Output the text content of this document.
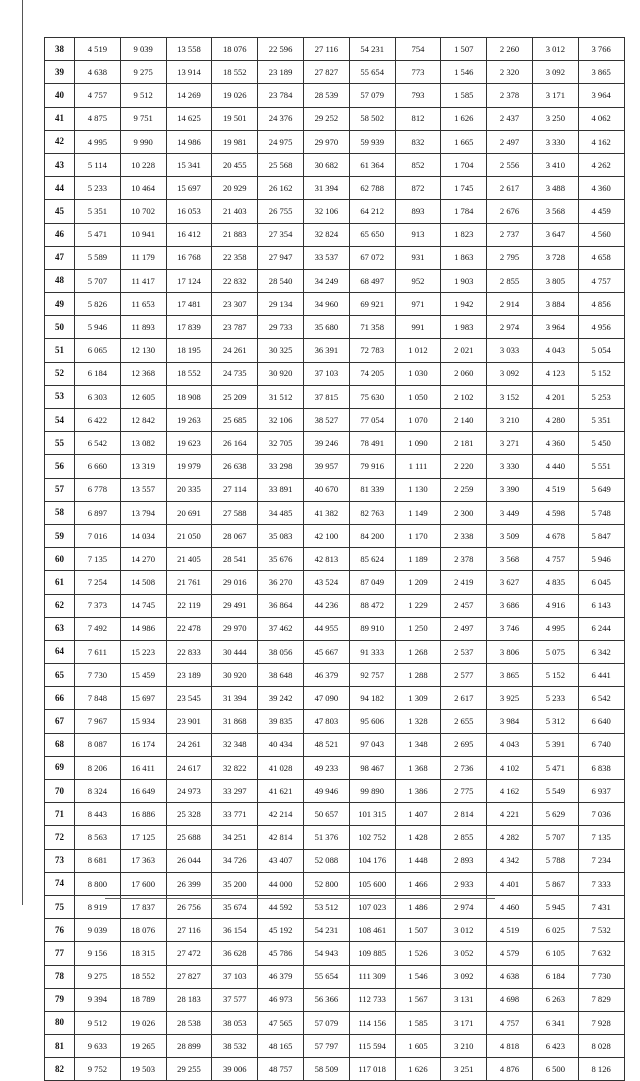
38	4 519	9 039	13 558	18 076	22 596	27 116	54 231	754	1 507	2 260	3 012	3 766
39	4 638	9 275	13 914	18 552	23 189	27 827	55 654	773	1 546	2 320	3 092	3 865
40	4 757	9 512	14 269	19 026	23 784	28 539	57 079	793	1 585	2 378	3 171	3 964
41	4 875	9 751	14 625	19 501	24 376	29 252	58 502	812	1 626	2 437	3 250	4 062
42	4 995	9 990	14 986	19 981	24 975	29 970	59 939	832	1 665	2 497	3 330	4 162
43	5 114	10 228	15 341	20 455	25 568	30 682	61 364	852	1 704	2 556	3 410	4 262
44	5 233	10 464	15 697	20 929	26 162	31 394	62 788	872	1 745	2 617	3 488	4 360
45	5 351	10 702	16 053	21 403	26 755	32 106	64 212	893	1 784	2 676	3 568	4 459
46	5 471	10 941	16 412	21 883	27 354	32 824	65 650	913	1 823	2 737	3 647	4 560
47	5 589	11 179	16 768	22 358	27 947	33 537	67 072	931	1 863	2 795	3 728	4 658
48	5 707	11 417	17 124	22 832	28 540	34 249	68 497	952	1 903	2 855	3 805	4 757
49	5 826	11 653	17 481	23 307	29 134	34 960	69 921	971	1 942	2 914	3 884	4 856
50	5 946	11 893	17 839	23 787	29 733	35 680	71 358	991	1 983	2 974	3 964	4 956
51	6 065	12 130	18 195	24 261	30 325	36 391	72 783	1 012	2 021	3 033	4 043	5 054
52	6 184	12 368	18 552	24 735	30 920	37 103	74 205	1 030	2 060	3 092	4 123	5 152
53	6 303	12 605	18 908	25 209	31 512	37 815	75 630	1 050	2 102	3 152	4 201	5 253
54	6 422	12 842	19 263	25 685	32 106	38 527	77 054	1 070	2 140	3 210	4 280	5 351
55	6 542	13 082	19 623	26 164	32 705	39 246	78 491	1 090	2 181	3 271	4 360	5 450
56	6 660	13 319	19 979	26 638	33 298	39 957	79 916	1 111	2 220	3 330	4 440	5 551
57	6 778	13 557	20 335	27 114	33 891	40 670	81 339	1 130	2 259	3 390	4 519	5 649
58	6 897	13 794	20 691	27 588	34 485	41 382	82 763	1 149	2 300	3 449	4 598	5 748
59	7 016	14 034	21 050	28 067	35 083	42 100	84 200	1 170	2 338	3 509	4 678	5 847
60	7 135	14 270	21 405	28 541	35 676	42 813	85 624	1 189	2 378	3 568	4 757	5 946
61	7 254	14 508	21 761	29 016	36 270	43 524	87 049	1 209	2 419	3 627	4 835	6 045
62	7 373	14 745	22 119	29 491	36 864	44 236	88 472	1 229	2 457	3 686	4 916	6 143
63	7 492	14 986	22 478	29 970	37 462	44 955	89 910	1 250	2 497	3 746	4 995	6 244
64	7 611	15 223	22 833	30 444	38 056	45 667	91 333	1 268	2 537	3 806	5 075	6 342
65	7 730	15 459	23 189	30 920	38 648	46 379	92 757	1 288	2 577	3 865	5 152	6 441
66	7 848	15 697	23 545	31 394	39 242	47 090	94 182	1 309	2 617	3 925	5 233	6 542
67	7 967	15 934	23 901	31 868	39 835	47 803	95 606	1 328	2 655	3 984	5 312	6 640
68	8 087	16 174	24 261	32 348	40 434	48 521	97 043	1 348	2 695	4 043	5 391	6 740
69	8 206	16 411	24 617	32 822	41 028	49 233	98 467	1 368	2 736	4 102	5 471	6 838
70	8 324	16 649	24 973	33 297	41 621	49 946	99 890	1 386	2 775	4 162	5 549	6 937
71	8 443	16 886	25 328	33 771	42 214	50 657	101 315	1 407	2 814	4 221	5 629	7 036
72	8 563	17 125	25 688	34 251	42 814	51 376	102 752	1 428	2 855	4 282	5 707	7 135
73	8 681	17 363	26 044	34 726	43 407	52 088	104 176	1 448	2 893	4 342	5 788	7 234
74	8 800	17 600	26 399	35 200	44 000	52 800	105 600	1 466	2 933	4 401	5 867	7 333
75	8 919	17 837	26 756	35 674	44 592	53 512	107 023	1 486	2 974	4 460	5 945	7 431
76	9 039	18 076	27 116	36 154	45 192	54 231	108 461	1 507	3 012	4 519	6 025	7 532
77	9 156	18 315	27 472	36 628	45 786	54 943	109 885	1 526	3 052	4 579	6 105	7 632
78	9 275	18 552	27 827	37 103	46 379	55 654	111 309	1 546	3 092	4 638	6 184	7 730
79	9 394	18 789	28 183	37 577	46 973	56 366	112 733	1 567	3 131	4 698	6 263	7 829
80	9 512	19 026	28 538	38 053	47 565	57 079	114 156	1 585	3 171	4 757	6 341	7 928
81	9 633	19 265	28 899	38 532	48 165	57 797	115 594	1 605	3 210	4 818	6 423	8 028
82	9 752	19 503	29 255	39 006	48 757	58 509	117 018	1 626	3 251	4 876	6 500	8 126
